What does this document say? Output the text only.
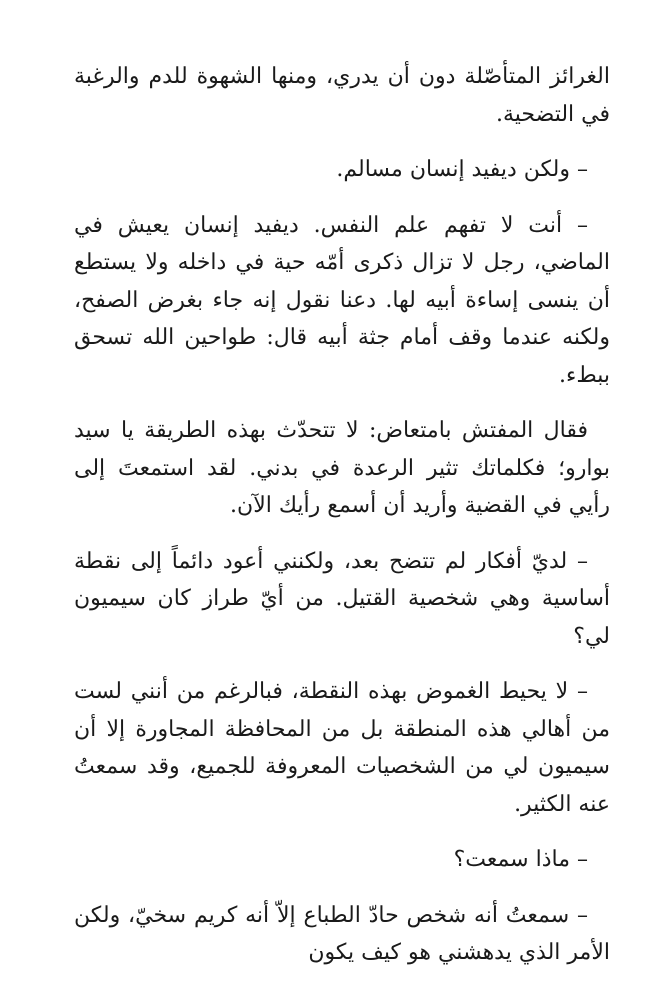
الغرائز المتأصّلة دون أن يدري، ومنها الشهوة للدم والرغبة في التضحية.

– ولكن ديفيد إنسان مسالم.

– أنت لا تفهم علم النفس. ديفيد إنسان يعيش في الماضي، رجل لا تزال ذكرى أمّه حية في داخله ولا يستطع أن ينسى إساءة أبيه لها. دعنا نقول إنه جاء بغرض الصفح، ولكنه عندما وقف أمام جثة أبيه قال: طواحين الله تسحق ببطء.

فقال المفتش بامتعاض: لا تتحدّث بهذه الطريقة يا سيد بوارو؛ فكلماتك تثير الرعدة في بدني. لقد استمعتَ إلى رأيي في القضية وأريد أن أسمع رأيك الآن.

– لديّ أفكار لم تتضح بعد، ولكنني أعود دائماً إلى نقطة أساسية وهي شخصية القتيل. من أيّ طراز كان سيميون لي؟

– لا يحيط الغموض بهذه النقطة، فبالرغم من أنني لست من أهالي هذه المنطقة بل من المحافظة المجاورة إلا أن سيميون لي من الشخصيات المعروفة للجميع، وقد سمعتُ عنه الكثير.

– ماذا سمعت؟

– سمعتُ أنه شخص حادّ الطباع إلاّ أنه كريم سخيّ، ولكن الأمر الذي يدهشني هو كيف يكون
